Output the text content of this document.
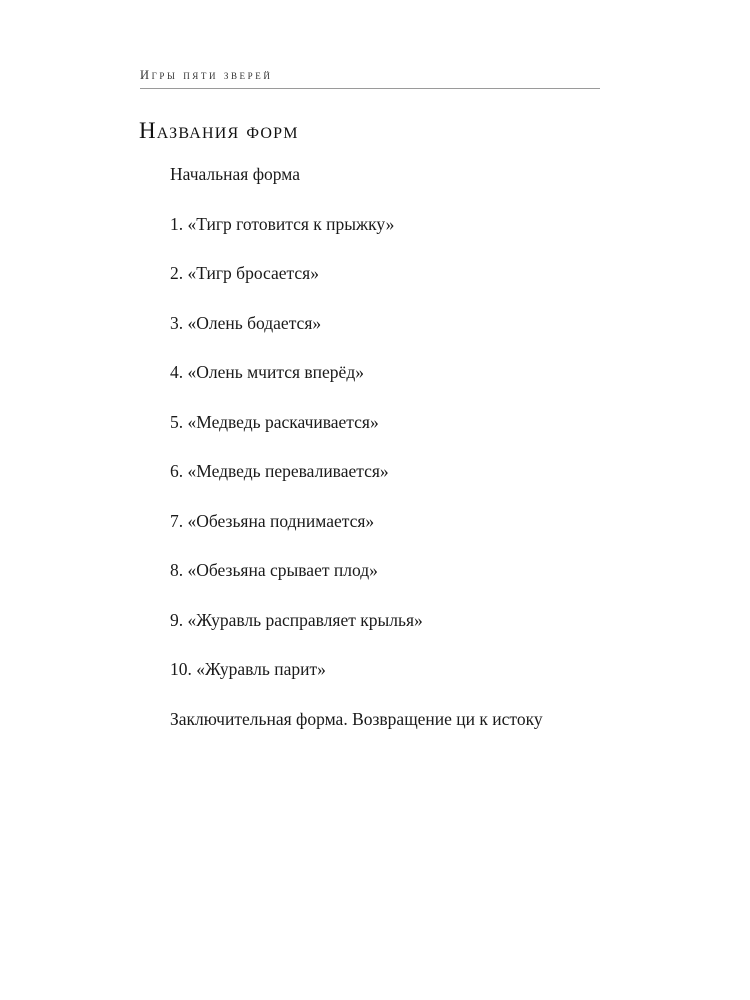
Игры пяти зверей
Названия форм
Начальная форма
1. «Тигр готовится к прыжку»
2. «Тигр бросается»
3. «Олень бодается»
4. «Олень мчится вперёд»
5. «Медведь раскачивается»
6. «Медведь переваливается»
7. «Обезьяна поднимается»
8. «Обезьяна срывает плод»
9. «Журавль расправляет крылья»
10. «Журавль парит»
Заключительная форма. Возвращение ци к истоку
